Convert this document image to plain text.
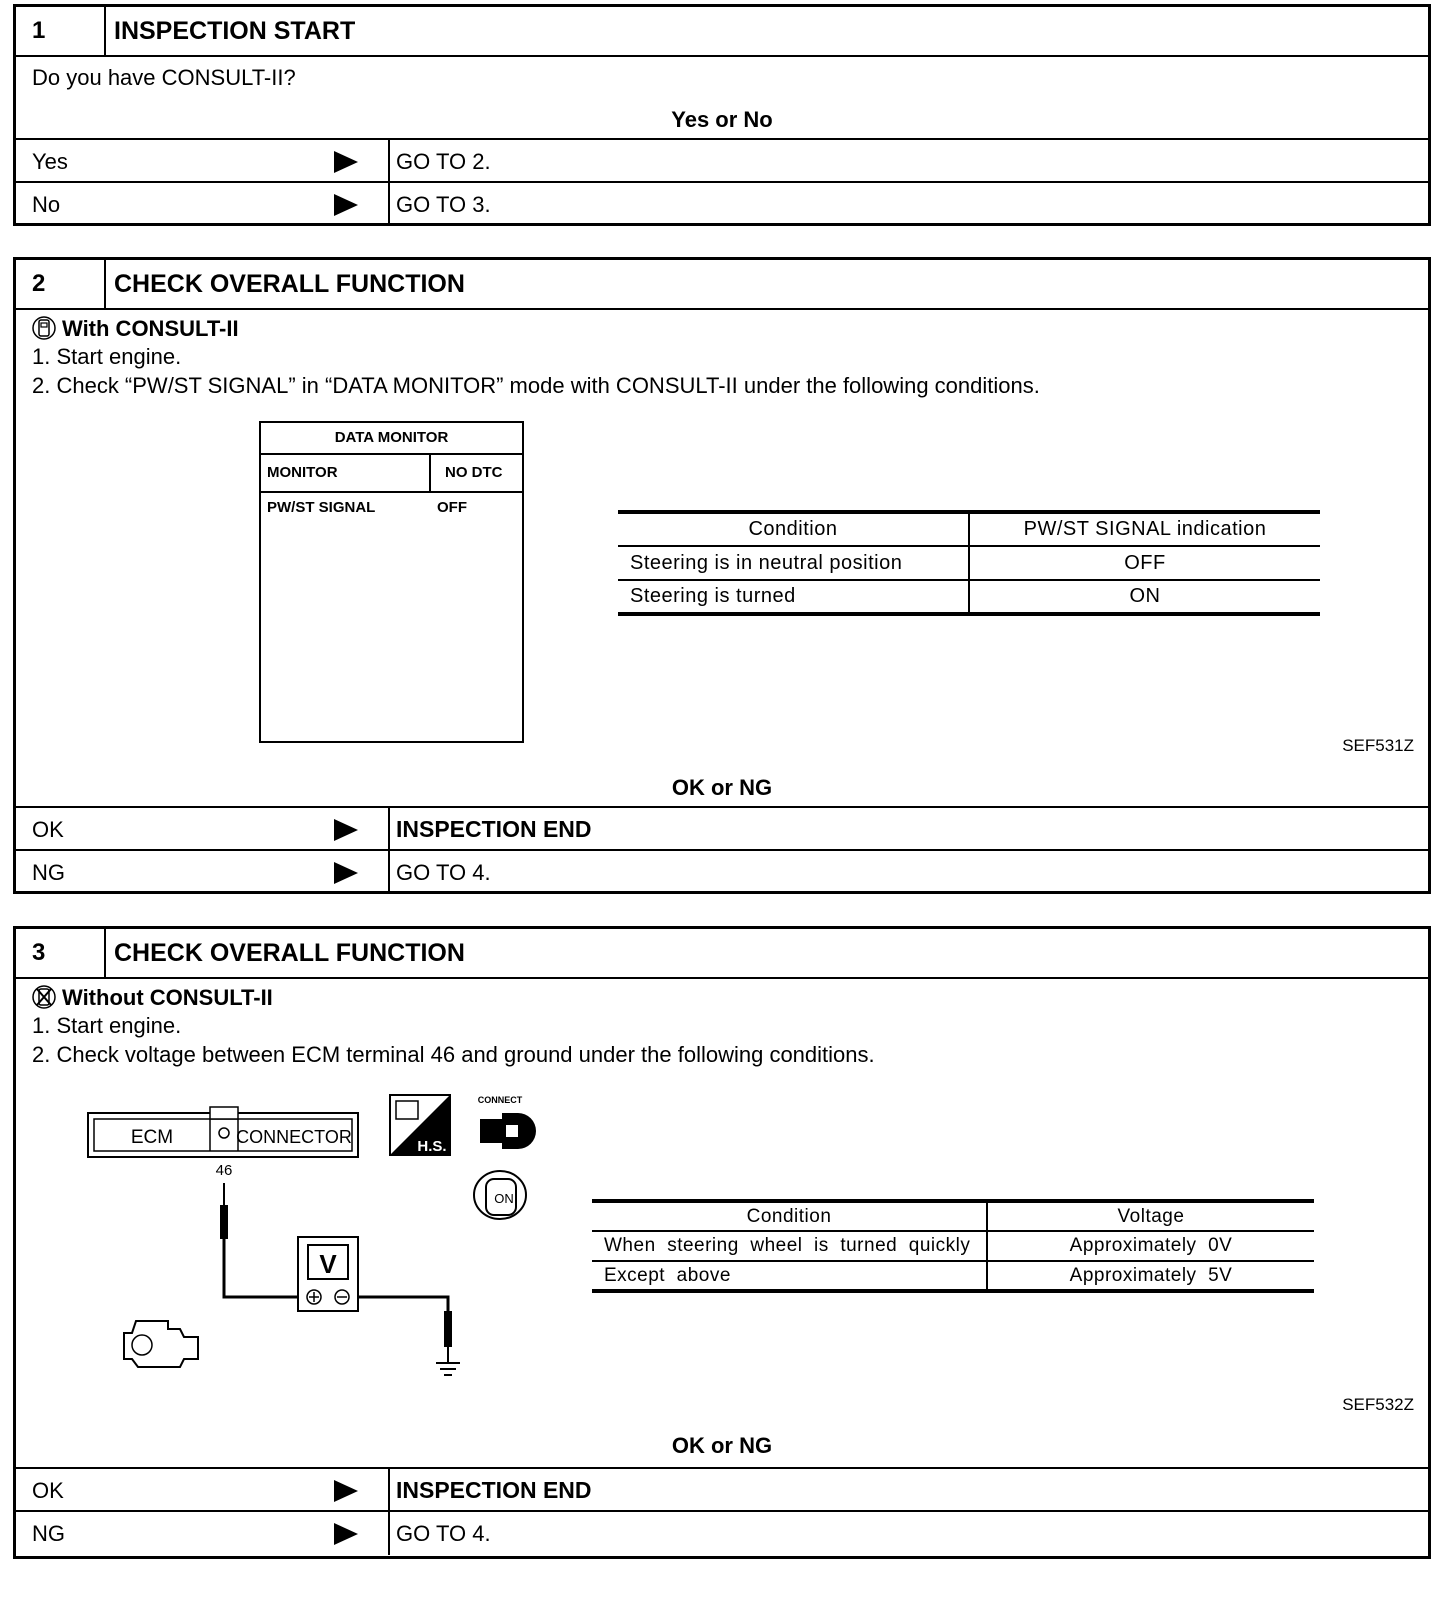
1	INSPECTION START
Do you have CONSULT-II?
Yes or No
Yes	GO TO 2.
No	GO TO 3.
2	CHECK OVERALL FUNCTION
With CONSULT-II
1. Start engine.
2. Check “PW/ST SIGNAL” in “DATA MONITOR” mode with CONSULT-II under the following conditions.
DATA MONITOR
MONITOR	NO DTC
PW/ST SIGNAL	OFF
Condition	PW/ST SIGNAL indication
Steering is in neutral position	OFF
Steering is turned	ON
SEF531Z
OK or NG
OK	INSPECTION END
NG	GO TO 4.
3	CHECK OVERALL FUNCTION
Without CONSULT-II
1. Start engine.
2. Check voltage between ECM terminal 46 and ground under the following conditions.
ECM	CONNECTOR
46
V
H.S.
CONNECT
ON
Condition	Voltage
When  steering  wheel  is  turned  quickly	Approximately  0V
Except  above	Approximately  5V
SEF532Z
OK or NG
OK	INSPECTION END
NG	GO TO 4.
